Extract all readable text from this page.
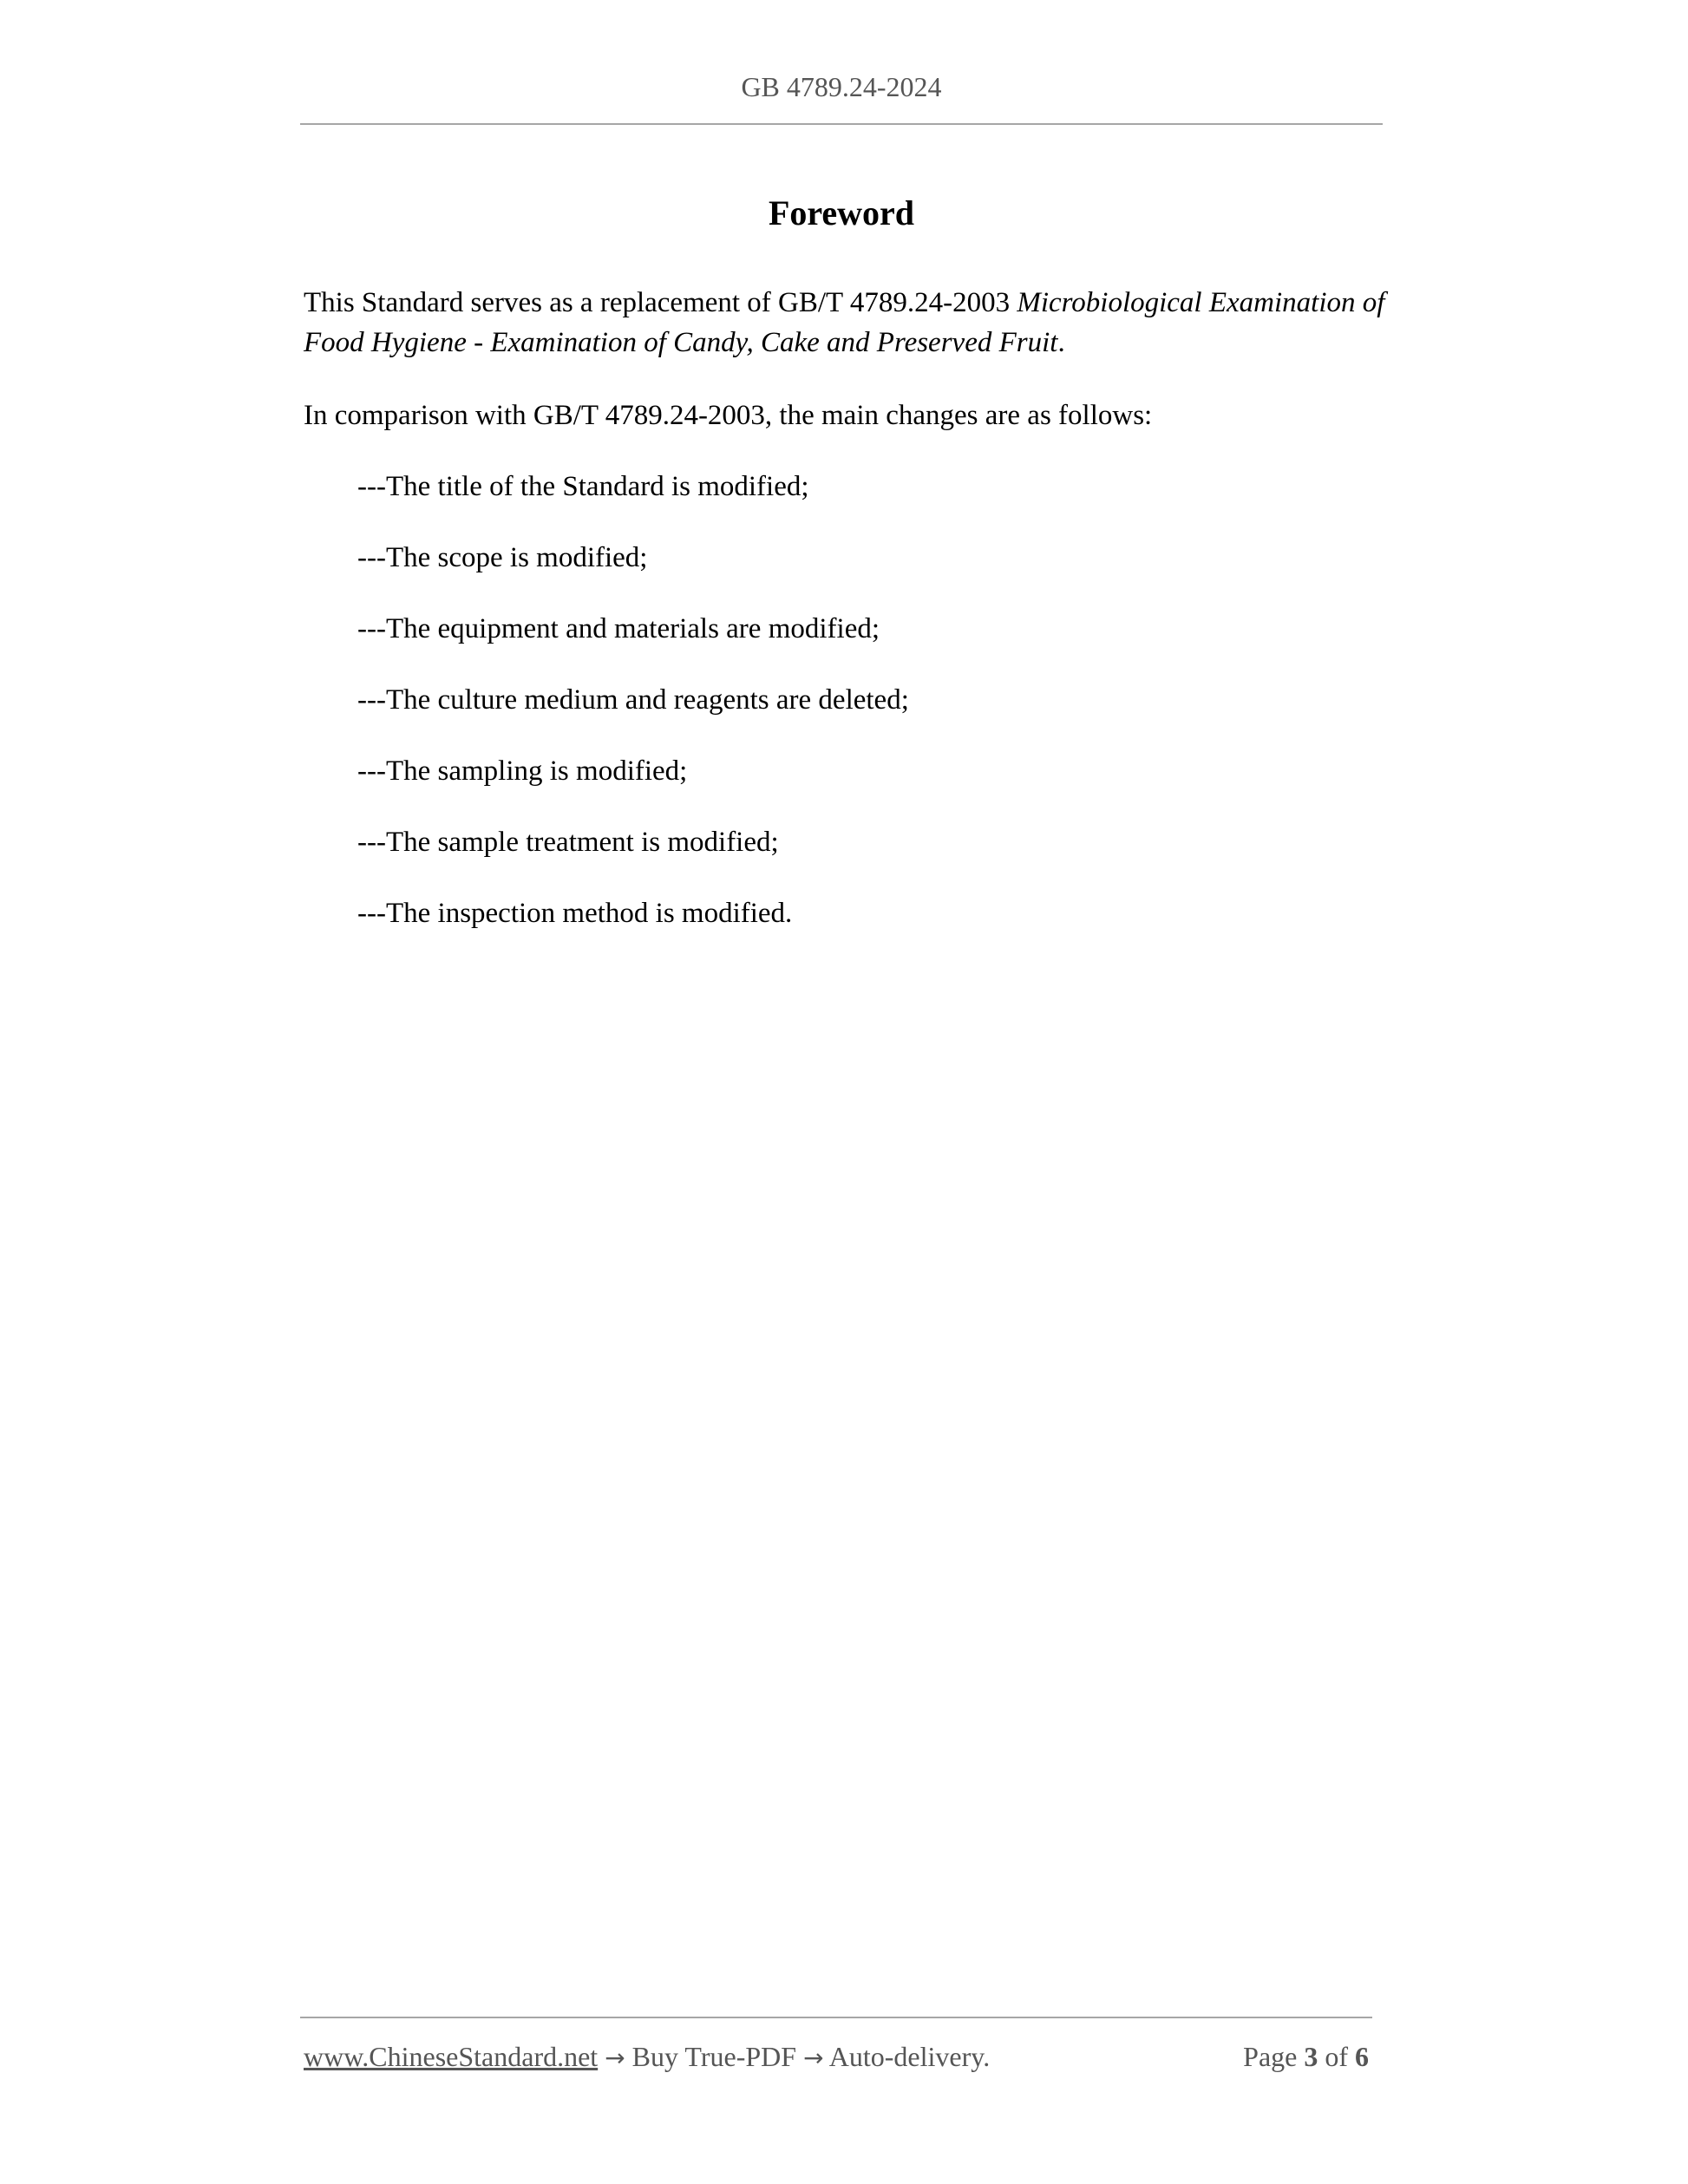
GB 4789.24-2024
Foreword

This Standard serves as a replacement of GB/T 4789.24-2003 Microbiological Examination of Food Hygiene - Examination of Candy, Cake and Preserved Fruit.

In comparison with GB/T 4789.24-2003, the main changes are as follows:

---The title of the Standard is modified;
---The scope is modified;
---The equipment and materials are modified;
---The culture medium and reagents are deleted;
---The sampling is modified;
---The sample treatment is modified;
---The inspection method is modified.
www.ChineseStandard.net → Buy True-PDF → Auto-delivery.	Page 3 of 6
